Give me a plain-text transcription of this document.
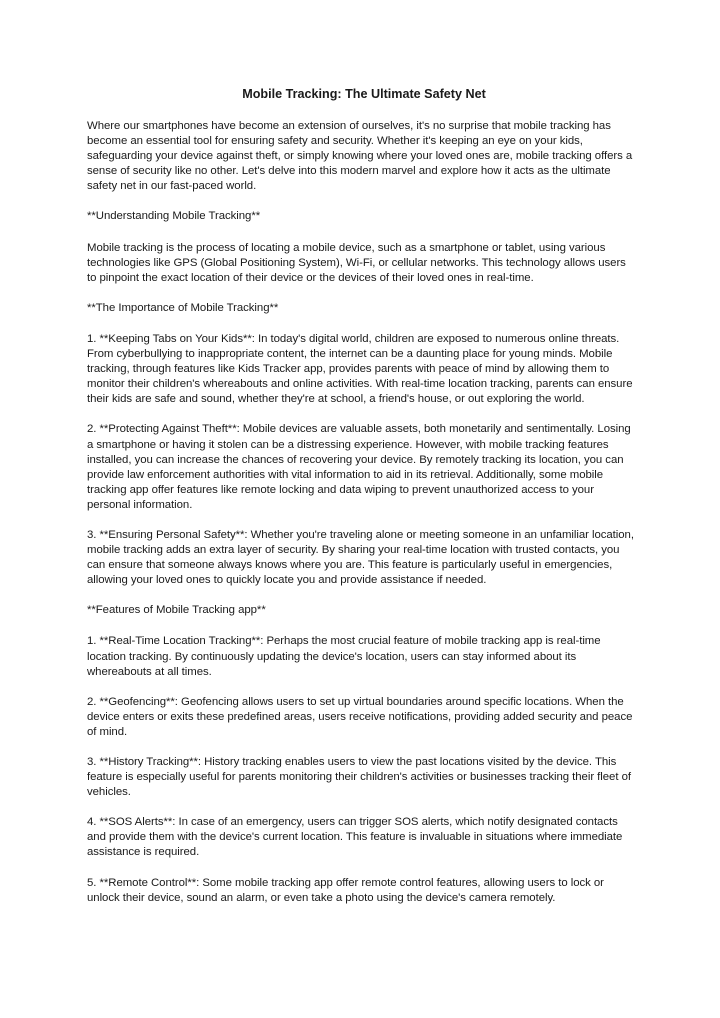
Mobile Tracking: The Ultimate Safety Net

Where our smartphones have become an extension of ourselves, it's no surprise that mobile tracking has become an essential tool for ensuring safety and security. Whether it's keeping an eye on your kids, safeguarding your device against theft, or simply knowing where your loved ones are, mobile tracking offers a sense of security like no other. Let's delve into this modern marvel and explore how it acts as the ultimate safety net in our fast-paced world.

**Understanding Mobile Tracking**

Mobile tracking is the process of locating a mobile device, such as a smartphone or tablet, using various technologies like GPS (Global Positioning System), Wi-Fi, or cellular networks. This technology allows users to pinpoint the exact location of their device or the devices of their loved ones in real-time.

**The Importance of Mobile Tracking**

1. **Keeping Tabs on Your Kids**: In today's digital world, children are exposed to numerous online threats. From cyberbullying to inappropriate content, the internet can be a daunting place for young minds. Mobile tracking, through features like Kids Tracker app, provides parents with peace of mind by allowing them to monitor their children's whereabouts and online activities. With real-time location tracking, parents can ensure their kids are safe and sound, whether they're at school, a friend's house, or out exploring the world.

2. **Protecting Against Theft**: Mobile devices are valuable assets, both monetarily and sentimentally. Losing a smartphone or having it stolen can be a distressing experience. However, with mobile tracking features installed, you can increase the chances of recovering your device. By remotely tracking its location, you can provide law enforcement authorities with vital information to aid in its retrieval. Additionally, some mobile tracking app offer features like remote locking and data wiping to prevent unauthorized access to your personal information.

3. **Ensuring Personal Safety**: Whether you're traveling alone or meeting someone in an unfamiliar location, mobile tracking adds an extra layer of security. By sharing your real-time location with trusted contacts, you can ensure that someone always knows where you are. This feature is particularly useful in emergencies, allowing your loved ones to quickly locate you and provide assistance if needed.

**Features of Mobile Tracking app**

1. **Real-Time Location Tracking**: Perhaps the most crucial feature of mobile tracking app is real-time location tracking. By continuously updating the device's location, users can stay informed about its whereabouts at all times.

2. **Geofencing**: Geofencing allows users to set up virtual boundaries around specific locations. When the device enters or exits these predefined areas, users receive notifications, providing added security and peace of mind.

3. **History Tracking**: History tracking enables users to view the past locations visited by the device. This feature is especially useful for parents monitoring their children's activities or businesses tracking their fleet of vehicles.

4. **SOS Alerts**: In case of an emergency, users can trigger SOS alerts, which notify designated contacts and provide them with the device's current location. This feature is invaluable in situations where immediate assistance is required.

5. **Remote Control**: Some mobile tracking app offer remote control features, allowing users to lock or unlock their device, sound an alarm, or even take a photo using the device's camera remotely.
